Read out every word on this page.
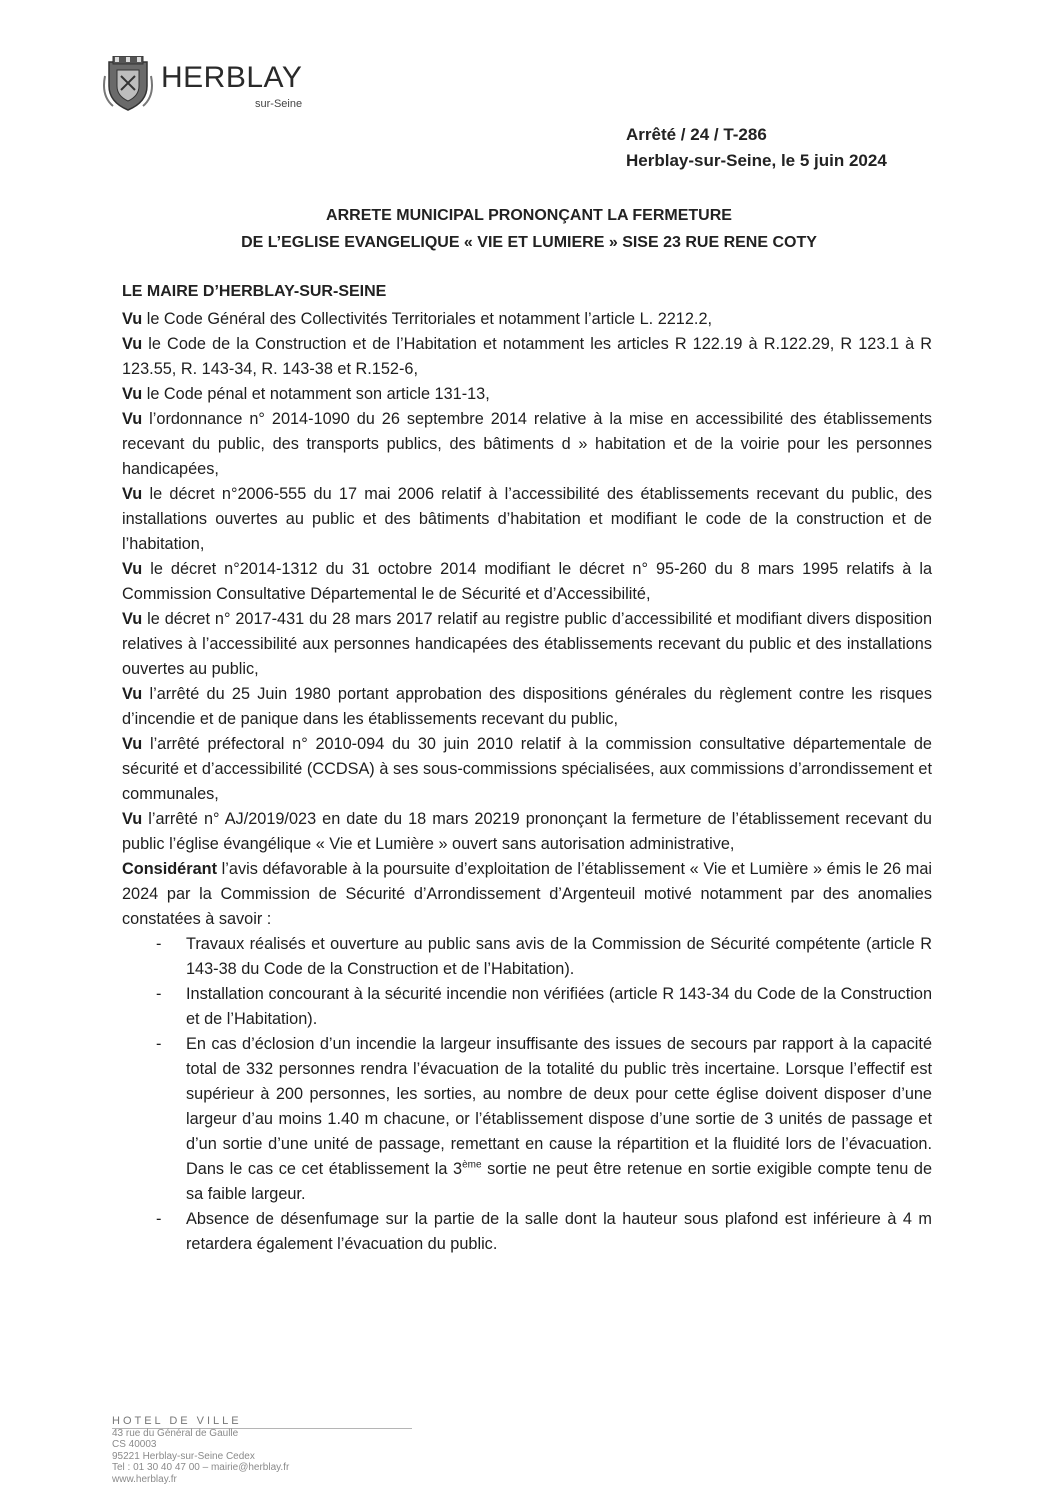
HERBLAY
sur-Seine
Arrêté / 24 / T-286
Herblay-sur-Seine, le 5 juin 2024
ARRETE MUNICIPAL PRONONÇANT LA FERMETURE
DE L’EGLISE EVANGELIQUE « VIE ET LUMIERE » SISE 23 RUE RENE COTY
LE MAIRE D’HERBLAY-SUR-SEINE

Vu le Code Général des Collectivités Territoriales et notamment l’article L. 2212.2,

Vu le Code de la Construction et de l’Habitation et notamment les articles R 122.19 à R.122.29, R 123.1 à R 123.55, R. 143-34, R. 143-38 et R.152-6,

Vu le Code pénal et notamment son article 131-13,

Vu l’ordonnance n° 2014-1090 du 26 septembre 2014 relative à la mise en accessibilité des établissements recevant du public, des transports publics, des bâtiments d » habitation et de la voirie pour les personnes handicapées,

Vu le décret n°2006-555 du 17 mai 2006 relatif à l’accessibilité des établissements recevant du public, des installations ouvertes au public et des bâtiments d’habitation et modifiant le code de la construction et de l’habitation,

Vu le décret n°2014-1312 du 31 octobre 2014 modifiant le décret n° 95-260 du 8 mars 1995 relatifs à la Commission Consultative Départemental le de Sécurité et d’Accessibilité,

Vu le décret n° 2017-431 du 28 mars 2017 relatif au registre public d’accessibilité et modifiant divers disposition relatives à l’accessibilité aux personnes handicapées des établissements recevant du public et des installations ouvertes au public,

Vu l’arrêté du 25 Juin 1980 portant approbation des dispositions générales du règlement contre les risques d’incendie et de panique dans les établissements recevant du public,

Vu l’arrêté préfectoral n° 2010-094 du 30 juin 2010 relatif à la commission consultative départementale de sécurité et d’accessibilité (CCDSA) à ses sous-commissions spécialisées, aux commissions d’arrondissement et communales,

Vu l’arrêté n° AJ/2019/023 en date du 18 mars 20219 prononçant la fermeture de l’établissement recevant du public l’église évangélique « Vie et Lumière » ouvert sans autorisation administrative,

Considérant l’avis défavorable à la poursuite d’exploitation de l’établissement « Vie et Lumière » émis le 26 mai 2024 par la Commission de Sécurité d’Arrondissement d’Argenteuil motivé notamment par des anomalies constatées à savoir :

- Travaux réalisés et ouverture au public sans avis de la Commission de Sécurité compétente (article R 143-38 du Code de la Construction et de l’Habitation).
- Installation concourant à la sécurité incendie non vérifiées (article R 143-34 du Code de la Construction et de l’Habitation).
- En cas d’éclosion d’un incendie la largeur insuffisante des issues de secours par rapport à la capacité total de 332 personnes rendra l’évacuation de la totalité du public très incertaine. Lorsque l’effectif est supérieur à 200 personnes, les sorties, au nombre de deux pour cette église doivent disposer d’une largeur d’au moins 1.40 m chacune, or l’établissement dispose d’une sortie de 3 unités de passage et d’un sortie d’une unité de passage, remettant en cause la répartition et la fluidité lors de l’évacuation. Dans le cas ce cet établissement la 3ème sortie ne peut être retenue en sortie exigible compte tenu de sa faible largeur.
- Absence de désenfumage sur la partie de la salle dont la hauteur sous plafond est inférieure à 4 m retardera également l’évacuation du public.
HOTEL DE VILLE
43 rue du Général de Gaulle
CS 40003
95221 Herblay-sur-Seine Cedex
Tel : 01 30 40 47 00 – mairie@herblay.fr
www.herblay.fr
